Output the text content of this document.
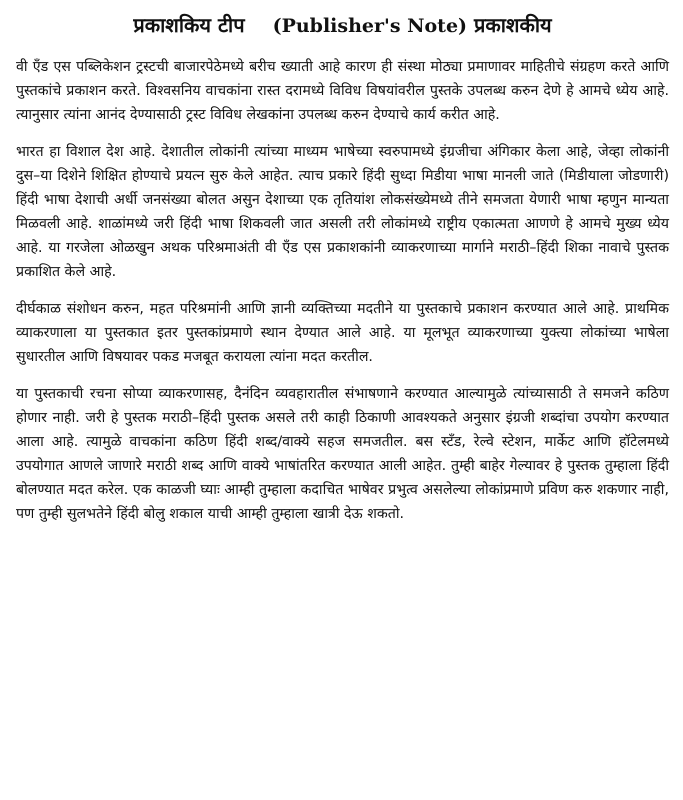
प्रकाशकिय टीप (Publisher's Note) प्रकाशकीय

वी ऍंड एस पब्लिकेशन ट्रस्टची बाजारपेठेमध्ये बरीच ख्याती आहे कारण ही संस्था मोठ्या प्रमाणावर माहितीचे संग्रहण करते आणि पुस्तकांचे प्रकाशन करते. विश्वसनिय वाचकांना रास्त दरामध्ये विविध विषयांवरील पुस्तके उपलब्ध करुन देणे हे आमचे ध्येय आहे. त्यानुसार त्यांना आनंद देण्यासाठी ट्रस्ट विविध लेखकांना उपलब्ध करुन देण्याचे कार्य करीत आहे.

भारत हा विशाल देश आहे. देशातील लोकांनी त्यांच्या माध्यम भाषेच्या स्वरुपामध्ये इंग्रजीचा अंगिकार केला आहे, जेव्हा लोकांनी दुस–या दिशेने शिक्षित होण्याचे प्रयत्न सुरु केले आहेत. त्याच प्रकारे हिंदी सुध्दा मिडीया भाषा मानली जाते (मिडीयाला जोडणारी) हिंदी भाषा देशाची अर्धी जनसंख्या बोलत असुन देशाच्या एक तृतियांश लोकसंख्येमध्ये तीने समजता येणारी भाषा म्हणुन मान्यता मिळवली आहे. शाळांमध्ये जरी हिंदी भाषा शिकवली जात असली तरी लोकांमध्ये राष्ट्रीय एकात्मता आणणे हे आमचे मुख्य ध्येय आहे. या गरजेला ओळखुन अथक परिश्रमाअंती वी ऍंड एस प्रकाशकांनी व्याकरणाच्या मार्गाने मराठी–हिंदी शिका नावाचे पुस्तक प्रकाशित केले आहे.

दीर्घकाळ संशोधन करुन, महत परिश्रमांनी आणि ज्ञानी व्यक्तिच्या मदतीने या पुस्तकाचे प्रकाशन करण्यात आले आहे. प्राथमिक व्याकरणाला या पुस्तकात इतर पुस्तकांप्रमाणे स्थान देण्यात आले आहे. या मूलभूत व्याकरणाच्या युक्त्या लोकांच्या भाषेला सुधारतील आणि विषयावर पकड मजबूत करायला त्यांना मदत करतील.

या पुस्तकाची रचना सोप्या व्याकरणासह, दैनंदिन व्यवहारातील संभाषणाने करण्यात आल्यामुळे त्यांच्यासाठी ते समजने कठिण होणार नाही. जरी हे पुस्तक मराठी–हिंदी पुस्तक असले तरी काही ठिकाणी आवश्यकते अनुसार इंग्रजी शब्दांचा उपयोग करण्यात आला आहे. त्यामुळे वाचकांना कठिण हिंदी शब्द/वाक्ये सहज समजतील. बस स्टॅंड, रेल्वे स्टेशन, मार्केट आणि हॉटेलमध्ये उपयोगात आणले जाणारे मराठी शब्द आणि वाक्ये भाषांतरित करण्यात आली आहेत. तुम्ही बाहेर गेल्यावर हे पुस्तक तुम्हाला हिंदी बोलण्यात मदत करेल. एक काळजी घ्याः आम्ही तुम्हाला कदाचित भाषेवर प्रभुत्व असलेल्या लोकांप्रमाणे प्रविण करु शकणार नाही, पण तुम्ही सुलभतेने हिंदी बोलु शकाल याची आम्ही तुम्हाला खात्री देऊ शकतो.
